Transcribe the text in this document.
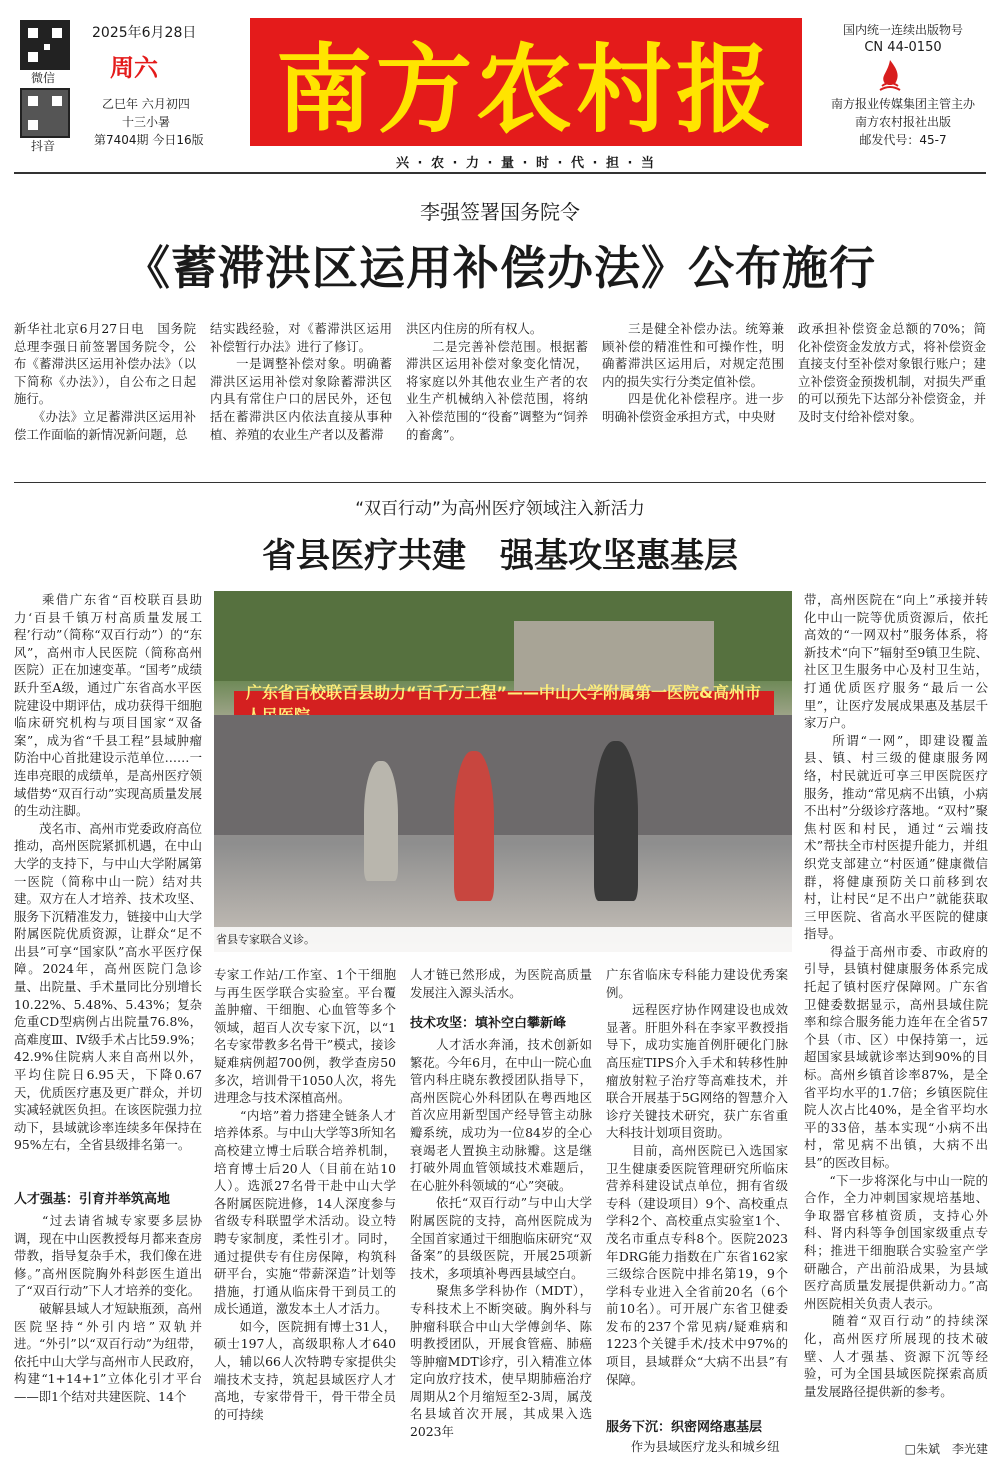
微信
抖音
2025年6月28日
周六
乙巳年 六月初四
十三小暑
第7404期 今日16版 南方农村报
兴 · 农 · 力 · 量 · 时 · 代 · 担 · 当
国内统一连续出版物号
CN 44-0150
南方报业传媒集团主管主办
南方农村报社出版
邮发代号：45-7
李强签署国务院令
《蓄滞洪区运用补偿办法》公布施行
新华社北京6月27日电　国务院总理李强日前签署国务院令，公布《蓄滞洪区运用补偿办法》（以下简称《办法》），自公布之日起施行。
　　《办法》立足蓄滞洪区运用补偿工作面临的新情况新问题，总
结实践经验，对《蓄滞洪区运用补偿暂行办法》进行了修订。
　　一是调整补偿对象。明确蓄滞洪区运用补偿对象除蓄滞洪区内具有常住户口的居民外，还包括在蓄滞洪区内依法直接从事种植、养殖的农业生产者以及蓄滞
洪区内住房的所有权人。
　　二是完善补偿范围。根据蓄滞洪区运用补偿对象变化情况，将家庭以外其他农业生产者的农业生产机械纳入补偿范围，将纳入补偿范围的“役畜”调整为“饲养的畜禽”。
　　三是健全补偿办法。统筹兼顾补偿的精准性和可操作性，明确蓄滞洪区运用后，对规定范围内的损失实行分类定值补偿。
　　四是优化补偿程序。进一步明确补偿资金承担方式，中央财
政承担补偿资金总额的70%；简化补偿资金发放方式，将补偿资金直接支付至补偿对象银行账户；建立补偿资金预拨机制，对损失严重的可以预先下达部分补偿资金，并及时支付给补偿对象。
“双百行动”为高州医疗领域注入新活力
省县医疗共建　强基攻坚惠基层
广东省百校联百县助力“百千万工程”——中山大学附属第一医院&高州市
省县专家联合义诊。
　　乘借广东省“百校联百县助力‘百县千镇万村高质量发展工程’行动”（简称“双百行动”）的“东风”，高州市人民医院（简称高州医院）正在加速变革。“国考”成绩跃升至A级，通过广东省高水平医院建设中期评估，成功获得干细胞临床研究机构与项目国家“双备案”，成为省“千县工程”县域肿瘤防治中心首批建设示范单位……一连串亮眼的成绩单，是高州医疗领域借势“双百行动”实现高质量发展的生动注脚。
　　茂名市、高州市党委政府高位推动，高州医院紧抓机遇，在中山大学的支持下，与中山大学附属第一医院（简称中山一院）结对共建。双方在人才培养、技术攻坚、服务下沉精准发力，链接中山大学附属医院优质资源，让群众“足不出县”可享“国家队”高水平医疗保障。2024年，高州医院门急诊量、出院量、手术量同比分别增长10.22%、5.48%、5.43%；复杂危重CD型病例占出院量76.8%，高难度Ⅲ、Ⅳ级手术占比59.9%；42.9%住院病人来自高州以外，平均住院日6.95天，下降0.67天，优质医疗惠及更广群众，并切实减轻就医负担。在该医院强力拉动下，县域就诊率连续多年保持在95%左右，全省县级排名第一。
人才强基：引育并举筑高地
　　“过去请省城专家要多层协调，现在中山医教授每月都来查房带教，指导复杂手术，我们像在进修。”高州医院胸外科彭医生道出了“双百行动”下人才培养的变化。
　　破解县域人才短缺瓶颈，高州医院坚持“外引内培”双轨并进。“外引”以“双百行动”为纽带，依托中山大学与高州市人民政府，构建“1+14+1”立体化引才平台——即1个结对共建医院、14个
专家工作站/工作室、1个干细胞与再生医学联合实验室。平台覆盖肿瘤、干细胞、心血管等多个领域，超百人次专家下沉，以“1名专家带教多名骨干”模式，接诊疑难病例超700例，教学查房50多次，培训骨干1050人次，将先进理念与技术深植高州。
　　“内培”着力搭建全链条人才培养体系。与中山大学等3所知名高校建立博士后联合培养机制，培育博士后20人（目前在站10人）。选派27名骨干赴中山大学各附属医院进修，14人深度参与省级专科联盟学术活动。设立特聘专家制度，柔性引才。同时，通过提供专有住房保障，构筑科研平台，实施“带薪深造”计划等措施，打通从临床骨干到员工的成长通道，激发本土人才活力。
　　如今，医院拥有博士31人，硕士197人，高级职称人才640人，辅以66人次特聘专家提供尖端技术支持，筑起县域医疗人才高地，专家带骨干，骨干带全员的可持续
人才链已然形成，为医院高质量发展注入源头活水。
技术攻坚：填补空白攀新峰
　　人才活水奔涌，技术创新如繁花。今年6月，在中山一院心血管内科庄晓东教授团队指导下，高州医院心外科团队在粤西地区首次应用新型国产经导管主动脉瓣系统，成功为一位84岁的全心衰竭老人置换主动脉瓣。这是继打破外周血管领域技术难题后，在心脏外科领域的“心”突破。
　　依托“双百行动”与中山大学附属医院的支持，高州医院成为全国首家通过干细胞临床研究“双备案”的县级医院，开展25项新技术，多项填补粤西县域空白。
　　聚焦多学科协作（MDT），专科技术上不断突破。胸外科与肿瘤科联合中山大学傅剑华、陈明教授团队，开展食管癌、肺癌等肿瘤MDT诊疗，引入精准立体定向放疗技术，使早期肺癌治疗周期从2个月缩短至2-3周，属茂名县域首次开展，其成果入选2023年
广东省临床专科能力建设优秀案例。
　　远程医疗协作网建设也成效显著。肝胆外科在李家平教授指导下，成功实施首例肝硬化门脉高压症TIPS介入手术和转移性肿瘤放射粒子治疗等高难技术，并联合开展基于5G网络的智慧介入诊疗关键技术研究，获广东省重大科技计划项目资助。
　　目前，高州医院已入选国家卫生健康委医院管理研究所临床营养科建设试点单位，拥有省级专科（建设项目）9个、高校重点学科2个、高校重点实验室1个、茂名市重点专科8个。医院2023年DRG能力指数在广东省162家三级综合医院中排名第19，9个学科专业进入全省前20名（6个前10名）。可开展广东省卫健委发布的237个常见病/疑难病和1223个关键手术/技术中97%的项目，县域群众“大病不出县”有保障。
服务下沉：织密网络惠基层
　　作为县域医疗龙头和城乡纽
带，高州医院在“向上”承接并转化中山一院等优质资源后，依托高效的“一网双村”服务体系，将新技术“向下”辐射至9镇卫生院、社区卫生服务中心及村卫生站，打通优质医疗服务“最后一公里”，让医疗发展成果惠及基层千家万户。
　　所谓“一网”，即建设覆盖县、镇、村三级的健康服务网络，村民就近可享三甲医院医疗服务，推动“常见病不出镇，小病不出村”分级诊疗落地。“双村”聚焦村医和村民，通过“云端技术”帮扶全市村医提升能力，并组织党支部建立“村医通”健康微信群，将健康预防关口前移到农村，让村民“足不出户”就能获取三甲医院、省高水平医院的健康指导。
　　得益于高州市委、市政府的引导，县镇村健康服务体系完成托起了镇村医疗保障网。广东省卫健委数据显示，高州县域住院率和综合服务能力连年在全省57个县（市、区）中保持第一，远超国家县域就诊率达到90%的目标。高州乡镇首诊率87%，是全省平均水平的1.7倍；乡镇医院住院人次占比40%，是全省平均水平的33倍，基本实现“小病不出村，常见病不出镇，大病不出县”的医改目标。
　　“下一步将深化与中山一院的合作，全力冲刺国家规培基地、争取器官移植资质，支持心外科、肾内科等争创国家级重点专科；推进干细胞联合实验室产学研融合，产出前沿成果，为县域医疗高质量发展提供新动力。”高州医院相关负责人表示。
　　随着“双百行动”的持续深化，高州医疗所展现的技术破壁、人才强基、资源下沉等经验，可为全国县域医院探索高质量发展路径提供新的参考。
□朱斌　李光建
